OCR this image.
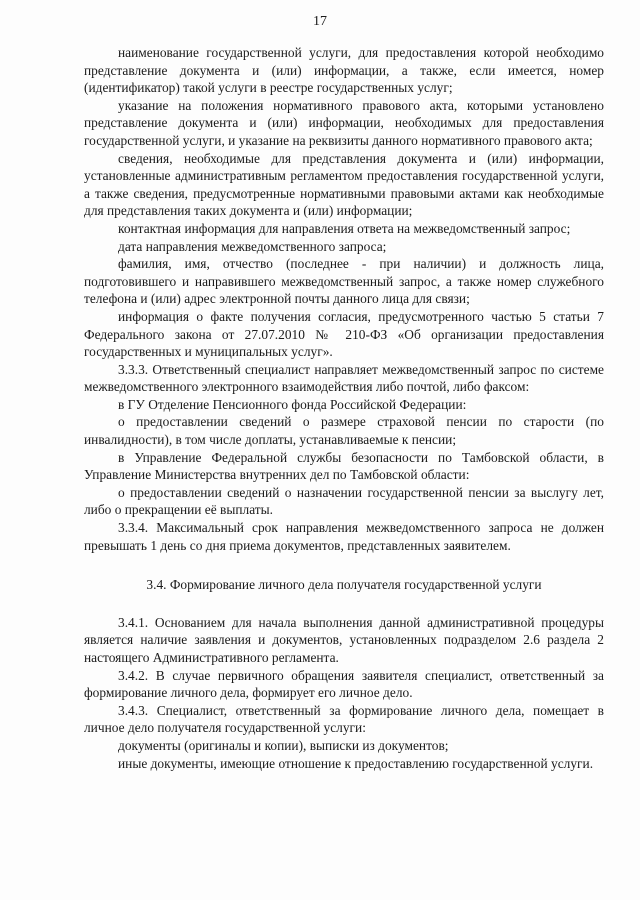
17

наименование государственной услуги, для предоставления которой необходимо представление документа и (или) информации, а также, если имеется, номер (идентификатор) такой услуги в реестре государственных услуг;

указание на положения нормативного правового акта, которыми установлено представление документа и (или) информации, необходимых для предоставления государственной услуги, и указание на реквизиты данного нормативного правового акта;

сведения, необходимые для представления документа и (или) информации, установленные административным регламентом предоставления государственной услуги, а также сведения, предусмотренные нормативными правовыми актами как необходимые для представления таких документа и (или) информации;

контактная информация для направления ответа на межведомственный запрос;

дата направления межведомственного запроса;

фамилия, имя, отчество (последнее - при наличии) и должность лица, подготовившего и направившего межведомственный запрос, а также номер служебного телефона и (или) адрес электронной почты данного лица для связи;

информация о факте получения согласия, предусмотренного частью 5 статьи 7 Федерального закона от 27.07.2010 № 210-ФЗ «Об организации предоставления государственных и муниципальных услуг».

3.3.3. Ответственный специалист направляет межведомственный запрос по системе межведомственного электронного взаимодействия либо почтой, либо факсом:

в ГУ Отделение Пенсионного фонда Российской Федерации:

о предоставлении сведений о размере страховой пенсии по старости (по инвалидности), в том числе доплаты, устанавливаемые к пенсии;

в Управление Федеральной службы безопасности по Тамбовской области, в Управление Министерства внутренних дел по Тамбовской области:

о предоставлении сведений о назначении государственной пенсии за выслугу лет, либо о прекращении её выплаты.

3.3.4. Максимальный срок направления межведомственного запроса не должен превышать 1 день со дня приема документов, представленных заявителем.

3.4. Формирование личного дела получателя государственной услуги

3.4.1. Основанием для начала выполнения данной административной процедуры является наличие заявления и документов, установленных подразделом 2.6 раздела 2 настоящего Административного регламента.

3.4.2. В случае первичного обращения заявителя специалист, ответственный за формирование личного дела, формирует его личное дело.

3.4.3. Специалист, ответственный за формирование личного дела, помещает в личное дело получателя государственной услуги:

документы (оригиналы и копии), выписки из документов;

иные документы, имеющие отношение к предоставлению государственной услуги.
